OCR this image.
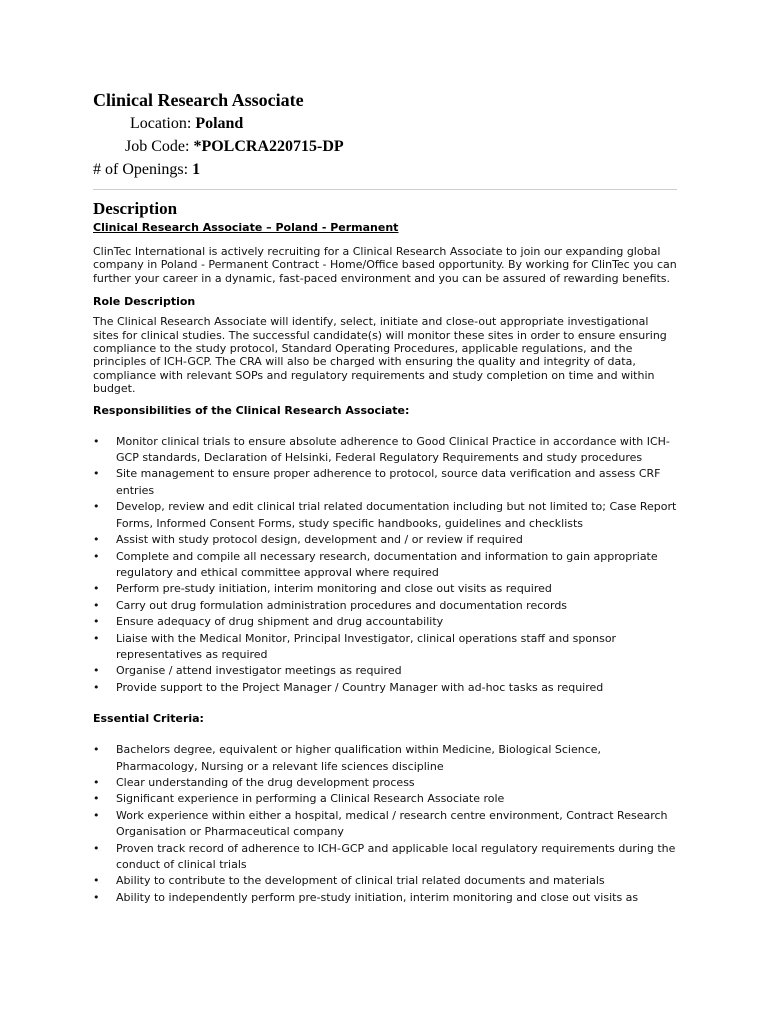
Clinical Research Associate

Location: Poland

Job Code: *POLCRA220715-DP

# of Openings: 1

Description

Clinical Research Associate – Poland - Permanent

ClinTec International is actively recruiting for a Clinical Research Associate to join our expanding global company in Poland - Permanent Contract - Home/Office based opportunity. By working for ClinTec you can further your career in a dynamic, fast-paced environment and you can be assured of rewarding benefits.

Role Description

The Clinical Research Associate will identify, select, initiate and close-out appropriate investigational sites for clinical studies. The successful candidate(s) will monitor these sites in order to ensure ensuring compliance to the study protocol, Standard Operating Procedures, applicable regulations, and the principles of ICH-GCP. The CRA will also be charged with ensuring the quality and integrity of data, compliance with relevant SOPs and regulatory requirements and study completion on time and within budget.

Responsibilities of the Clinical Research Associate:

• Monitor clinical trials to ensure absolute adherence to Good Clinical Practice in accordance with ICH-GCP standards, Declaration of Helsinki, Federal Regulatory Requirements and study procedures
• Site management to ensure proper adherence to protocol, source data verification and assess CRF entries
• Develop, review and edit clinical trial related documentation including but not limited to; Case Report Forms, Informed Consent Forms, study specific handbooks, guidelines and checklists
• Assist with study protocol design, development and / or review if required
• Complete and compile all necessary research, documentation and information to gain appropriate regulatory and ethical committee approval where required
• Perform pre-study initiation, interim monitoring and close out visits as required
• Carry out drug formulation administration procedures and documentation records
• Ensure adequacy of drug shipment and drug accountability
• Liaise with the Medical Monitor, Principal Investigator, clinical operations staff and sponsor representatives as required
• Organise / attend investigator meetings as required
• Provide support to the Project Manager / Country Manager with ad-hoc tasks as required

Essential Criteria:

• Bachelors degree, equivalent or higher qualification within Medicine, Biological Science, Pharmacology, Nursing or a relevant life sciences discipline
• Clear understanding of the drug development process
• Significant experience in performing a Clinical Research Associate role
• Work experience within either a hospital, medical / research centre environment, Contract Research Organisation or Pharmaceutical company
• Proven track record of adherence to ICH-GCP and applicable local regulatory requirements during the conduct of clinical trials
• Ability to contribute to the development of clinical trial related documents and materials
• Ability to independently perform pre-study initiation, interim monitoring and close out visits as
